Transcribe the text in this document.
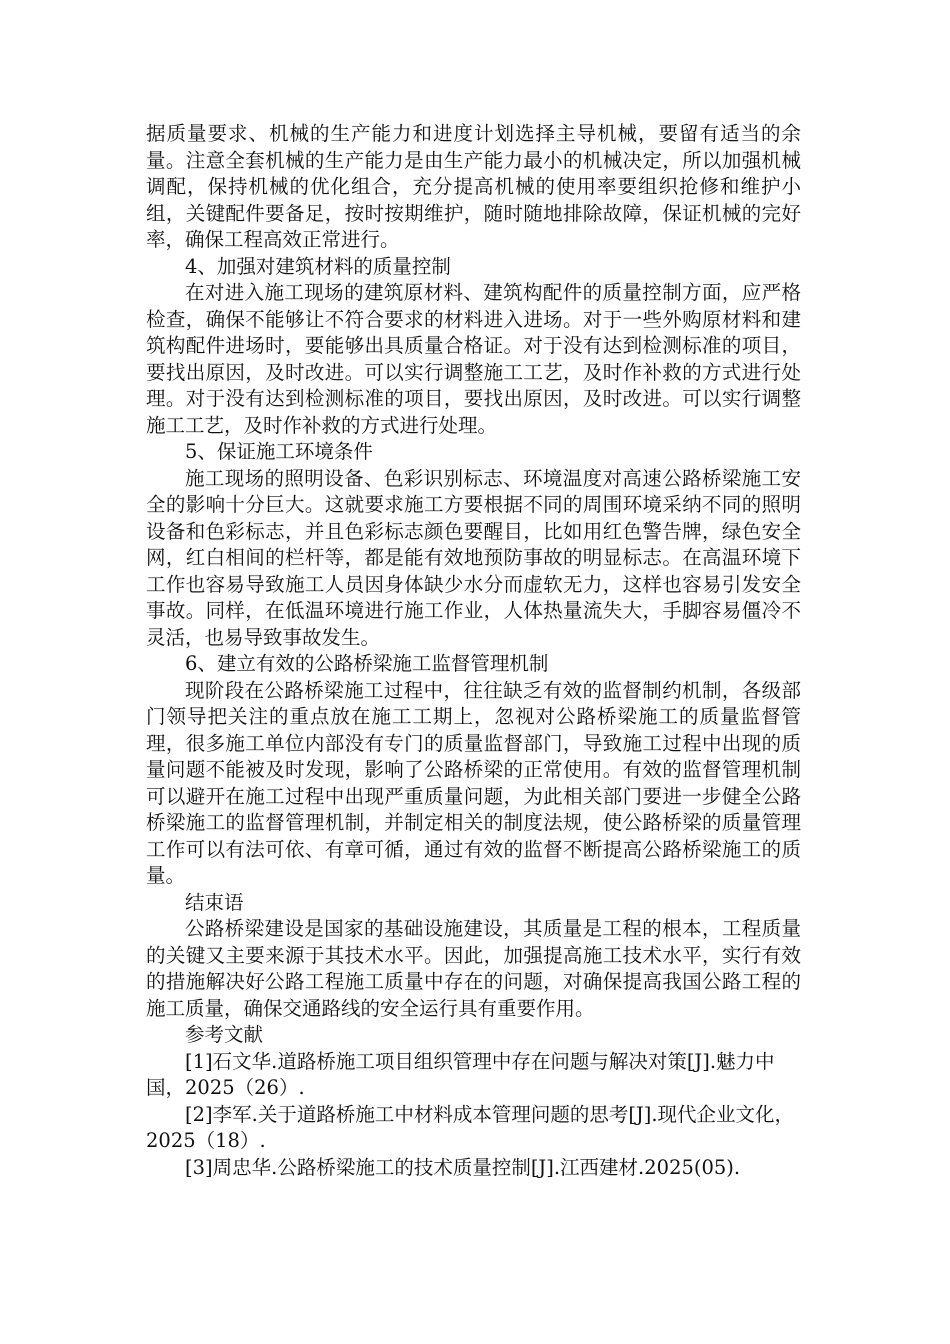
据质量要求、机械的生产能力和进度计划选择主导机械，要留有适当的余量。注意全套机械的生产能力是由生产能力最小的机械决定，所以加强机械调配，保持机械的优化组合，充分提高机械的使用率要组织抢修和维护小组，关键配件要备足，按时按期维护，随时随地排除故障，保证机械的完好率，确保工程高效正常进行。

4、加强对建筑材料的质量控制

在对进入施工现场的建筑原材料、建筑构配件的质量控制方面，应严格检查，确保不能够让不符合要求的材料进入进场。对于一些外购原材料和建筑构配件进场时，要能够出具质量合格证。对于没有达到检测标准的项目，要找出原因，及时改进。可以实行调整施工工艺，及时作补救的方式进行处理。对于没有达到检测标准的项目，要找出原因，及时改进。可以实行调整施工工艺，及时作补救的方式进行处理。

5、保证施工环境条件

施工现场的照明设备、色彩识别标志、环境温度对高速公路桥梁施工安全的影响十分巨大。这就要求施工方要根据不同的周围环境采纳不同的照明设备和色彩标志，并且色彩标志颜色要醒目，比如用红色警告牌，绿色安全网，红白相间的栏杆等，都是能有效地预防事故的明显标志。在高温环境下工作也容易导致施工人员因身体缺少水分而虚软无力，这样也容易引发安全事故。同样，在低温环境进行施工作业，人体热量流失大，手脚容易僵冷不灵活，也易导致事故发生。

6、建立有效的公路桥梁施工监督管理机制

现阶段在公路桥梁施工过程中，往往缺乏有效的监督制约机制，各级部门领导把关注的重点放在施工工期上，忽视对公路桥梁施工的质量监督管理，很多施工单位内部没有专门的质量监督部门，导致施工过程中出现的质量问题不能被及时发现，影响了公路桥梁的正常使用。有效的监督管理机制可以避开在施工过程中出现严重质量问题，为此相关部门要进一步健全公路桥梁施工的监督管理机制，并制定相关的制度法规，使公路桥梁的质量管理工作可以有法可依、有章可循，通过有效的监督不断提高公路桥梁施工的质量。

结束语

公路桥梁建设是国家的基础设施建设，其质量是工程的根本，工程质量的关键又主要来源于其技术水平。因此，加强提高施工技术水平，实行有效的措施解决好公路工程施工质量中存在的问题，对确保提高我国公路工程的施工质量，确保交通路线的安全运行具有重要作用。

参考文献

[1]石文华.道路桥施工项目组织管理中存在问题与解决对策[J].魅力中国，2025（26）.

[2]李军.关于道路桥施工中材料成本管理问题的思考[J].现代企业文化，2025（18）.

[3]周忠华.公路桥梁施工的技术质量控制[J].江西建材.2025(05).
